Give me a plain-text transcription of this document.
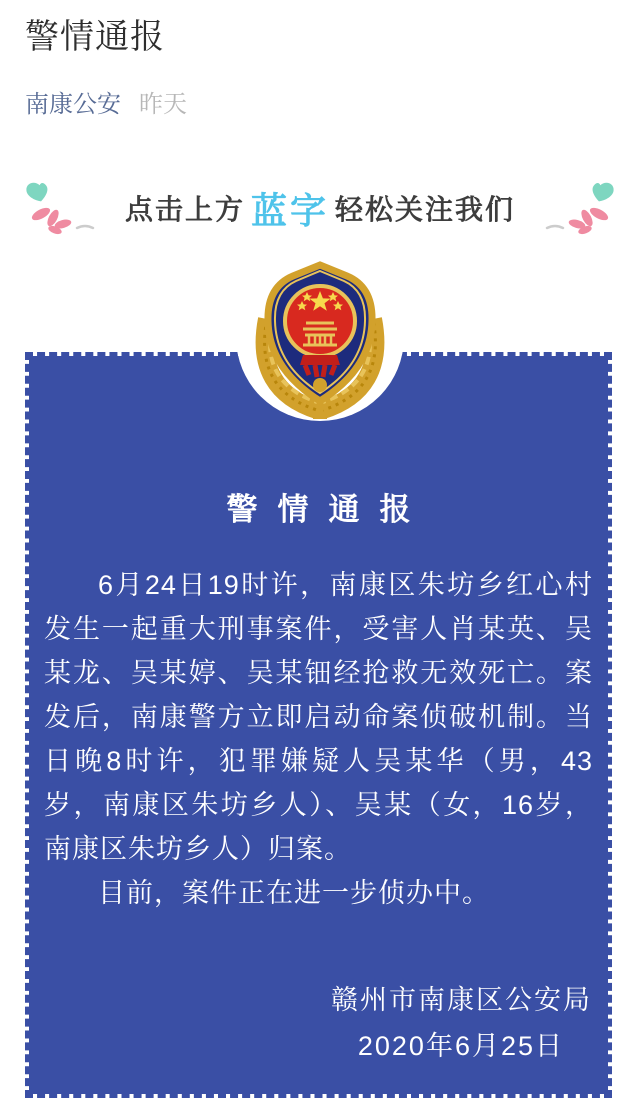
警情通报
南康公安 昨天
点击上方 蓝字 轻松关注我们
警情通报

6月24日19时许，南康区朱坊乡红心村发生一起重大刑事案件，受害人肖某英、吴某龙、吴某婷、吴某钿经抢救无效死亡。案发后，南康警方立即启动命案侦破机制。当日晚8时许，犯罪嫌疑人吴某华（男，43岁，南康区朱坊乡人）、吴某（女，16岁，南康区朱坊乡人）归案。

目前，案件正在进一步侦办中。

赣州市南康区公安局
2020年6月25日
